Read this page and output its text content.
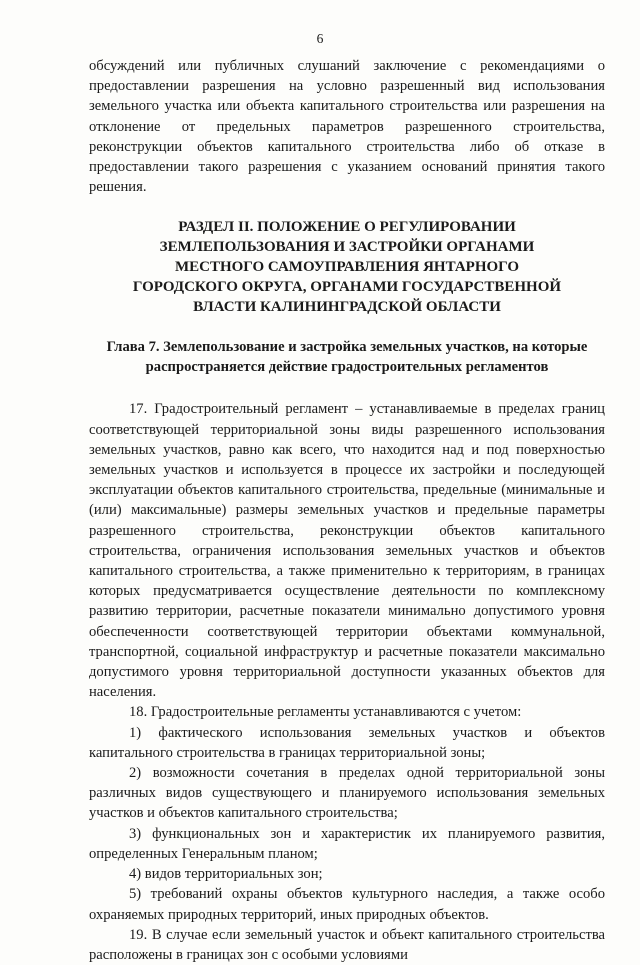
6

обсуждений или публичных слушаний заключение с рекомендациями о предоставлении разрешения на условно разрешенный вид использования земельного участка или объекта капитального строительства или разрешения на отклонение от предельных параметров разрешенного строительства, реконструкции объектов капитального строительства либо об отказе в предоставлении такого разрешения с указанием оснований принятия такого решения.

РАЗДЕЛ II. ПОЛОЖЕНИЕ О РЕГУЛИРОВАНИИ ЗЕМЛЕПОЛЬЗОВАНИЯ И ЗАСТРОЙКИ ОРГАНАМИ МЕСТНОГО САМОУПРАВЛЕНИЯ ЯНТАРНОГО ГОРОДСКОГО ОКРУГА, ОРГАНАМИ ГОСУДАРСТВЕННОЙ ВЛАСТИ КАЛИНИНГРАДСКОЙ ОБЛАСТИ
Глава 7. Землепользование и застройка земельных участков, на которые распространяется действие градостроительных регламентов

17. Градостроительный регламент – устанавливаемые в пределах границ соответствующей территориальной зоны виды разрешенного использования земельных участков, равно как всего, что находится над и под поверхностью земельных участков и используется в процессе их застройки и последующей эксплуатации объектов капитального строительства, предельные (минимальные и (или) максимальные) размеры земельных участков и предельные параметры разрешенного строительства, реконструкции объектов капитального строительства, ограничения использования земельных участков и объектов капитального строительства, а также применительно к территориям, в границах которых предусматривается осуществление деятельности по комплексному развитию территории, расчетные показатели минимально допустимого уровня обеспеченности соответствующей территории объектами коммунальной, транспортной, социальной инфраструктур и расчетные показатели максимально допустимого уровня территориальной доступности указанных объектов для населения.

18. Градостроительные регламенты устанавливаются с учетом:

1) фактического использования земельных участков и объектов капитального строительства в границах территориальной зоны;

2) возможности сочетания в пределах одной территориальной зоны различных видов существующего и планируемого использования земельных участков и объектов капитального строительства;

3) функциональных зон и характеристик их планируемого развития, определенных Генеральным планом;

4) видов территориальных зон;

5) требований охраны объектов культурного наследия, а также особо охраняемых природных территорий, иных природных объектов.

19. В случае если земельный участок и объект капитального строительства расположены в границах зон с особыми условиями
